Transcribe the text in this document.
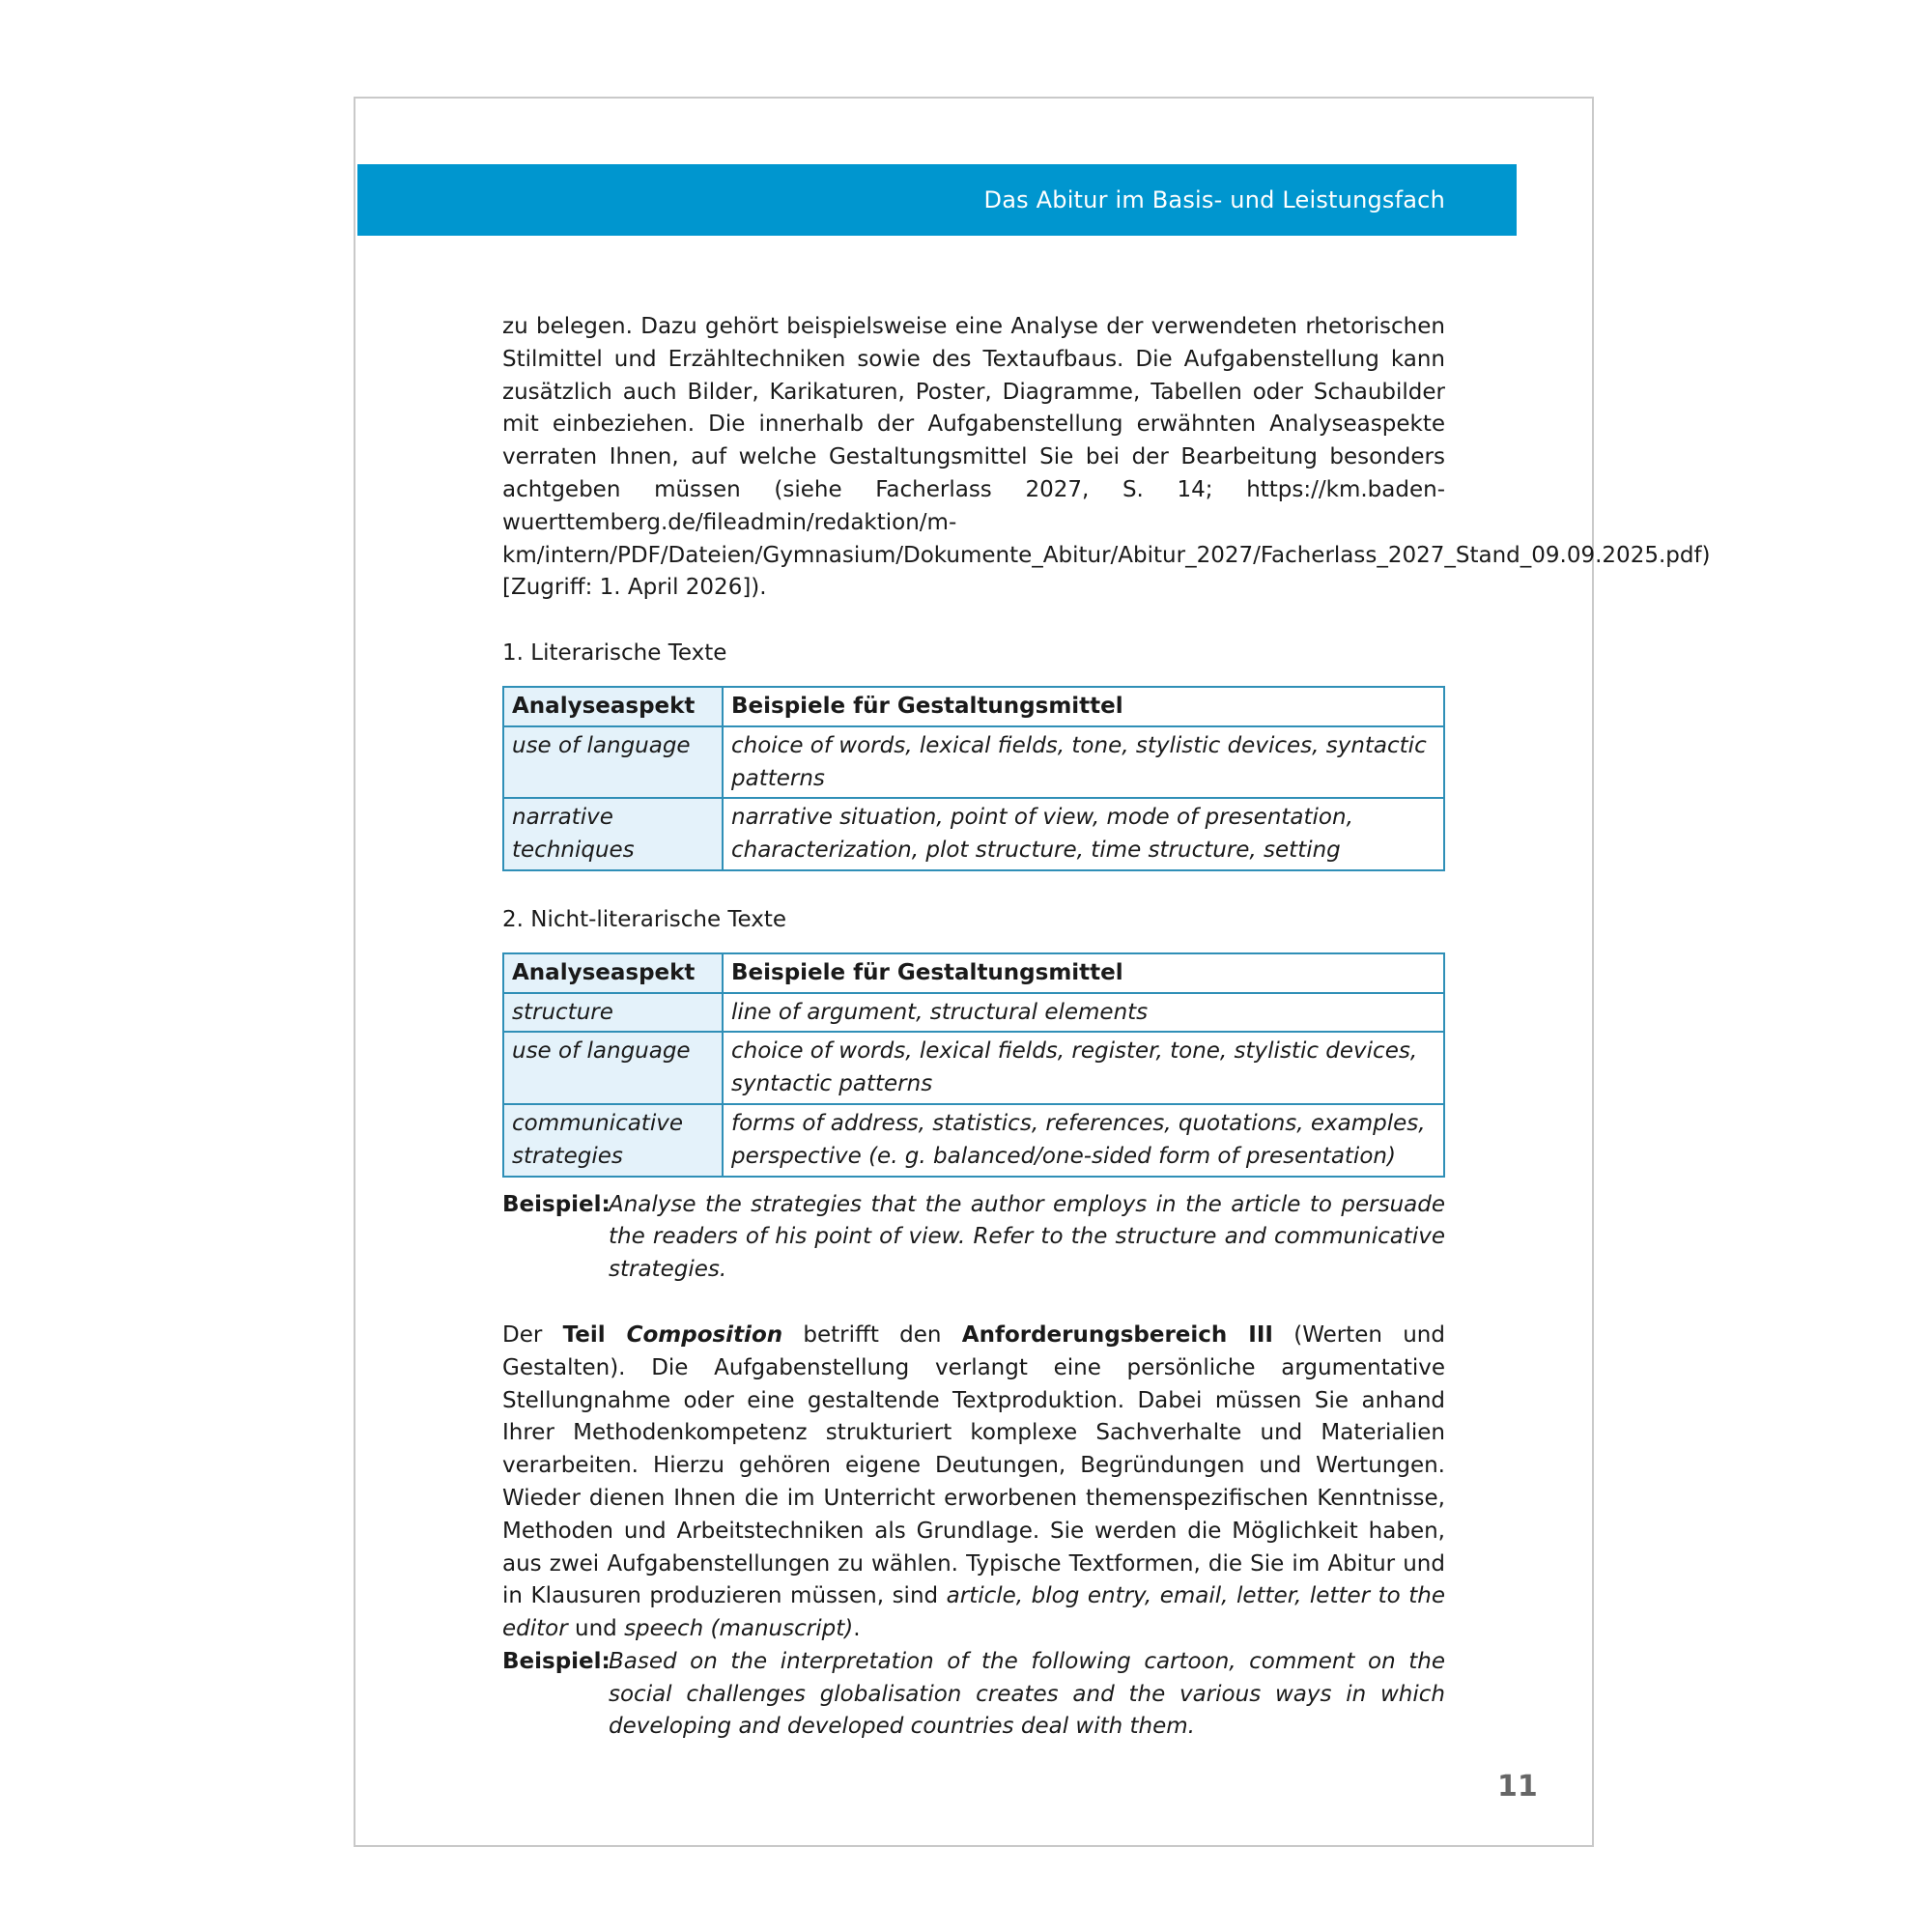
Das Abitur im Basis- und Leistungsfach

zu belegen. Dazu gehört beispielsweise eine Analyse der verwendeten rhetorischen Stilmittel und Erzähltechniken sowie des Textaufbaus. Die Aufgabenstellung kann zusätzlich auch Bilder, Karikaturen, Poster, Diagramme, Tabellen oder Schaubilder mit einbeziehen. Die innerhalb der Aufgabenstellung erwähnten Analyseaspekte verraten Ihnen, auf welche Gestaltungsmittel Sie bei der Bearbeitung besonders achtgeben müssen (siehe Facherlass 2027, S. 14; https://km.baden-wuerttemberg.de/fileadmin/redaktion/m-km/intern/PDF/Dateien/Gymnasium/Dokumente_Abitur/Abitur_2027/Facherlass_2027_Stand_09.09.2025.pdf) [Zugriff: 1. April 2026]).

1. Literarische Texte

Analyseaspekt	Beispiele für Gestaltungsmittel
use of language	choice of words, lexical fields, tone, stylistic devices, syntactic patterns
narrative techniques	narrative situation, point of view, mode of presentation, characterization, plot structure, time structure, setting

2. Nicht-literarische Texte

Analyseaspekt	Beispiele für Gestaltungsmittel
structure	line of argument, structural elements
use of language	choice of words, lexical fields, register, tone, stylistic devices, syntactic patterns
communicative strategies	forms of address, statistics, references, quotations, examples, perspective (e. g. balanced/one-sided form of presentation)
Beispiel:
Analyse the strategies that the author employs in the article to persuade the readers of his point of view. Refer to the structure and communicative strategies.

Der Teil Composition betrifft den Anforderungsbereich III (Werten und Gestalten). Die Aufgabenstellung verlangt eine persönliche argumentative Stellungnahme oder eine gestaltende Textproduktion. Dabei müssen Sie anhand Ihrer Methodenkompetenz strukturiert komplexe Sachverhalte und Materialien verarbeiten. Hierzu gehören eigene Deutungen, Begründungen und Wertungen. Wieder dienen Ihnen die im Unterricht erworbenen themenspezifischen Kenntnisse, Methoden und Arbeitstechniken als Grundlage. Sie werden die Möglichkeit haben, aus zwei Aufgabenstellungen zu wählen. Typische Textformen, die Sie im Abitur und in Klausuren produzieren müssen, sind article, blog entry, email, letter, letter to the editor und speech (manuscript).

Beispiel:
Based on the interpretation of the following cartoon, comment on the social challenges globalisation creates and the various ways in which developing and developed countries deal with them.
11
